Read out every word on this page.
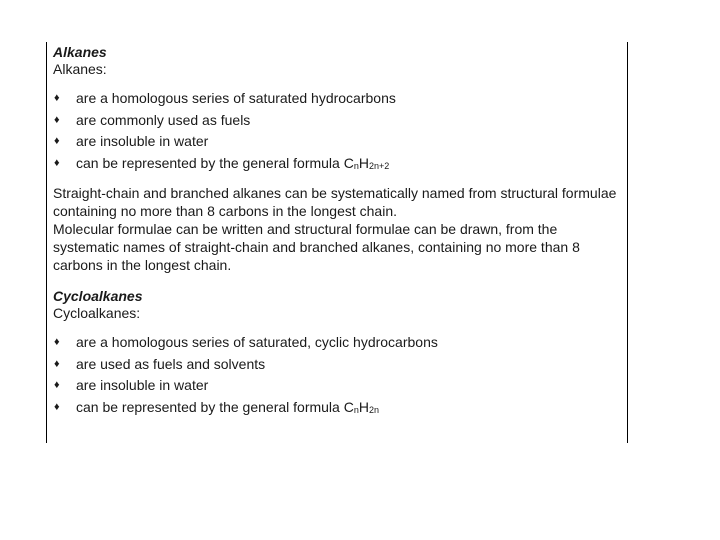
Alkanes
Alkanes:
♦ are a homologous series of saturated hydrocarbons
♦ are commonly used as fuels
♦ are insoluble in water
♦ can be represented by the general formula $C_nH_{2n+2}$
Straight-chain and branched alkanes can be systematically named from structural formulae containing no more than 8 carbons in the longest chain.
Molecular formulae can be written and structural formulae can be drawn, from the systematic names of straight-chain and branched alkanes, containing no more than 8 carbons in the longest chain.
Cycloalkanes
Cycloalkanes:
♦ are a homologous series of saturated, cyclic hydrocarbons
♦ are used as fuels and solvents
♦ are insoluble in water
♦ can be represented by the general formula $C_nH_{2n}$
